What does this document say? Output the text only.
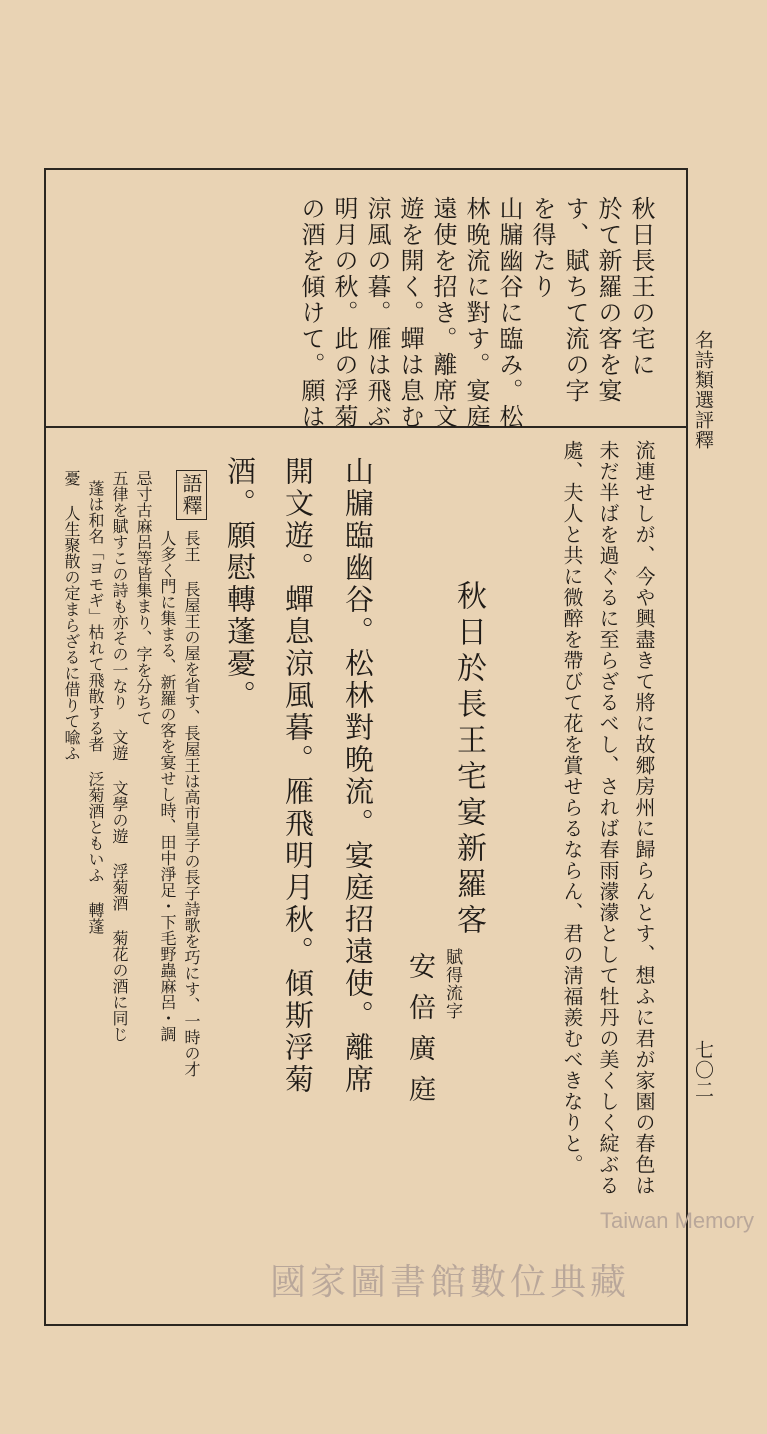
名詩類選評釋
七〇二
秋日長王の宅に
於て新羅の客を宴
す、賦ちて流の字
を得たり
山牖幽谷に臨み。松
林晩流に對す。宴庭
遠使を招き。離席文
遊を開く。蟬は息む
涼風の暮。雁は飛ぶ
明月の秋。此の浮菊
の酒を傾けて。願は
流連せしが、今や興盡きて將に故郷房州に歸らんとす、想ふに君が家園の春色は
未だ半ばを過ぐるに至らざるべし、されば春雨濛濛として牡丹の美くしく綻ぶる
處、夫人と共に微醉を帶びて花を賞せらるならん、君の淸福羨むべきなりと。
秋日於長王宅宴新羅客
賦得流字
安倍廣庭
山牖臨幽谷。松林對晩流。宴庭招遠使。離席
開文遊。蟬息涼風暮。雁飛明月秋。傾斯浮菊
酒。願慰轉蓬憂。
語釋
長王 長屋王の屋を省す、長屋王は高市皇子の長子詩歌を巧にす、一時の才
人多く門に集まる、新羅の客を宴せし時、田中淨足・下毛野蟲麻呂・調
忌寸古麻呂等皆集まり、字を分ちて
五律を賦すこの詩も亦その一なり 文遊 文學の遊 浮菊酒 菊花の酒に同じ
蓬は和名「ヨモギ」枯れて飛散する者 泛菊酒ともいふ 轉蓬
憂 人生聚散の定まらざるに借りて喩ふ
Taiwan Memory
國家圖書館數位典藏
